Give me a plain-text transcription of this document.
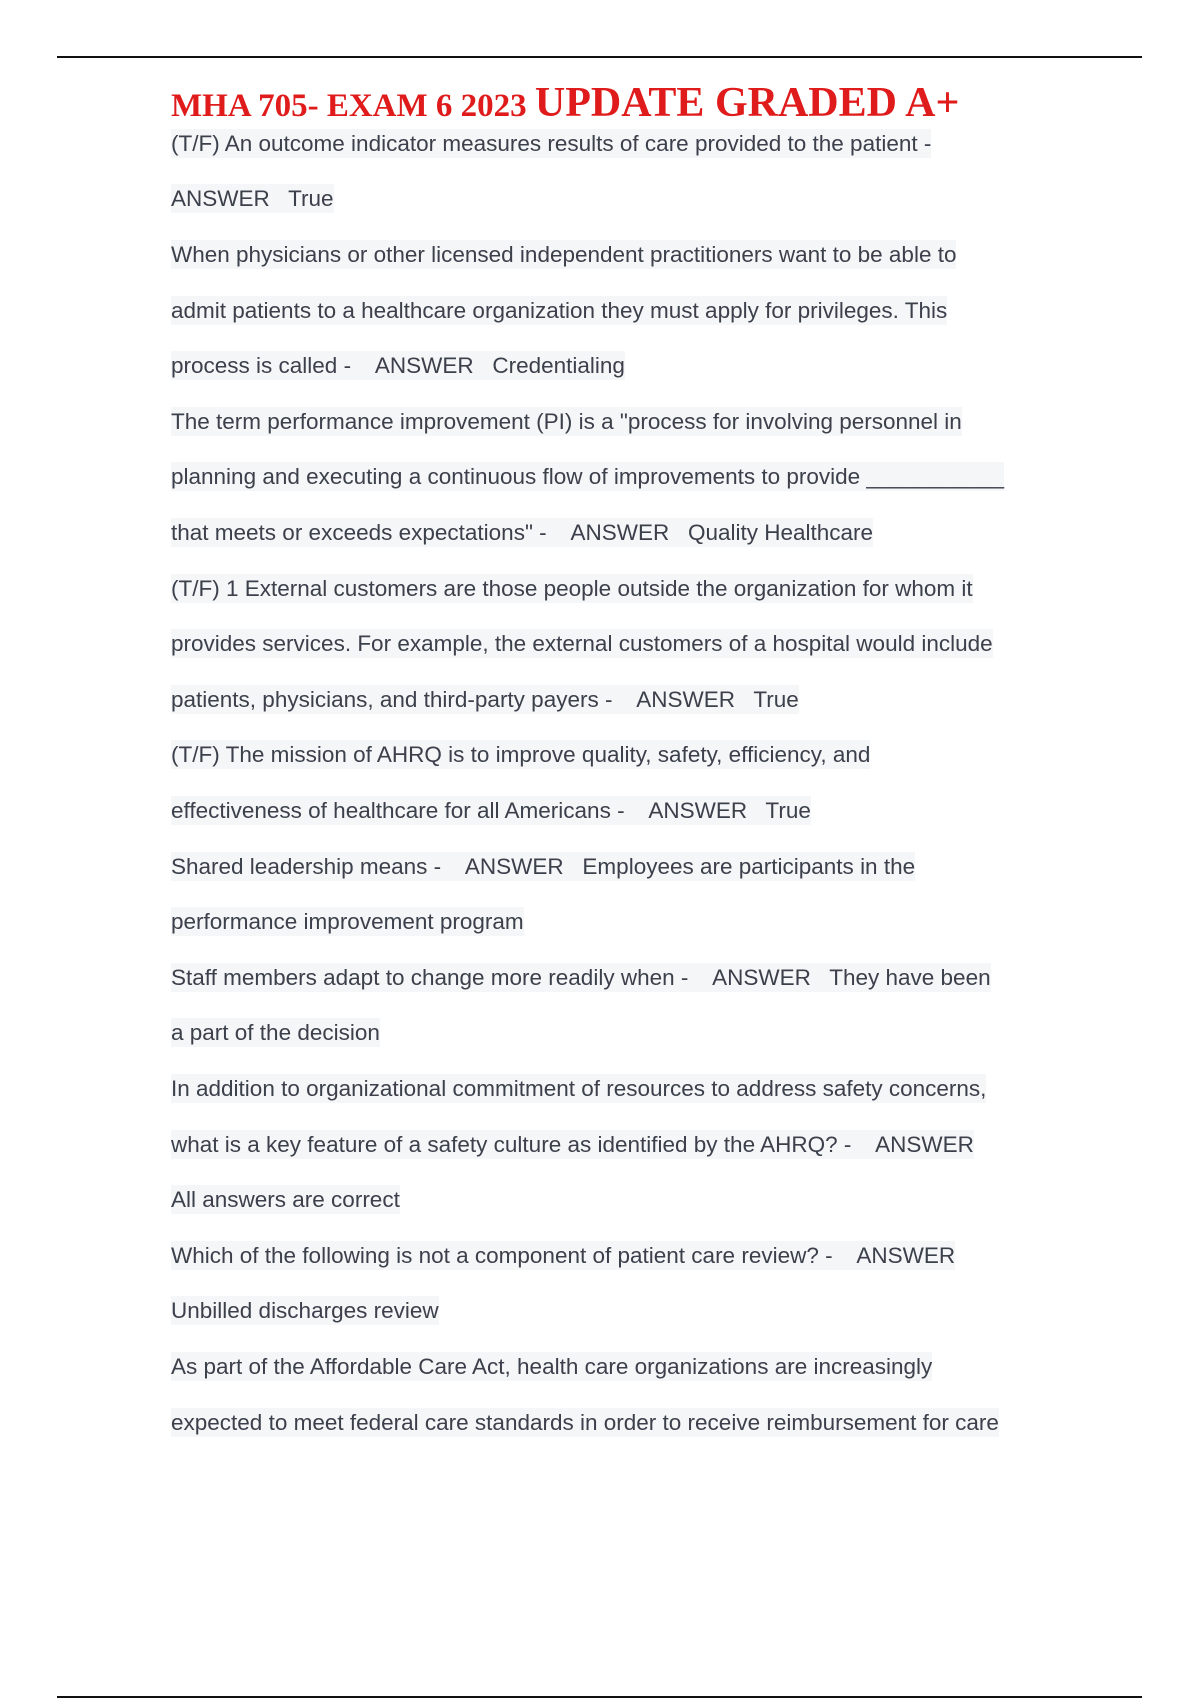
MHA 705- EXAM 6 2023 UPDATE GRADED A+
(T/F) An outcome indicator measures results of care provided to the patient -
ANSWER   True
When physicians or other licensed independent practitioners want to be able to
admit patients to a healthcare organization they must apply for privileges. This
process is called -    ANSWER   Credentialing
The term performance improvement (PI) is a "process for involving personnel in
planning and executing a continuous flow of improvements to provide ___________
that meets or exceeds expectations" -    ANSWER   Quality Healthcare
(T/F) 1 External customers are those people outside the organization for whom it
provides services. For example, the external customers of a hospital would include
patients, physicians, and third-party payers -    ANSWER   True
(T/F) The mission of AHRQ is to improve quality, safety, efficiency, and
effectiveness of healthcare for all Americans -    ANSWER   True
Shared leadership means -    ANSWER   Employees are participants in the
performance improvement program
Staff members adapt to change more readily when -    ANSWER   They have been
a part of the decision
In addition to organizational commitment of resources to address safety concerns,
what is a key feature of a safety culture as identified by the AHRQ? -    ANSWER
All answers are correct
Which of the following is not a component of patient care review? -    ANSWER
Unbilled discharges review
As part of the Affordable Care Act, health care organizations are increasingly
expected to meet federal care standards in order to receive reimbursement for care
